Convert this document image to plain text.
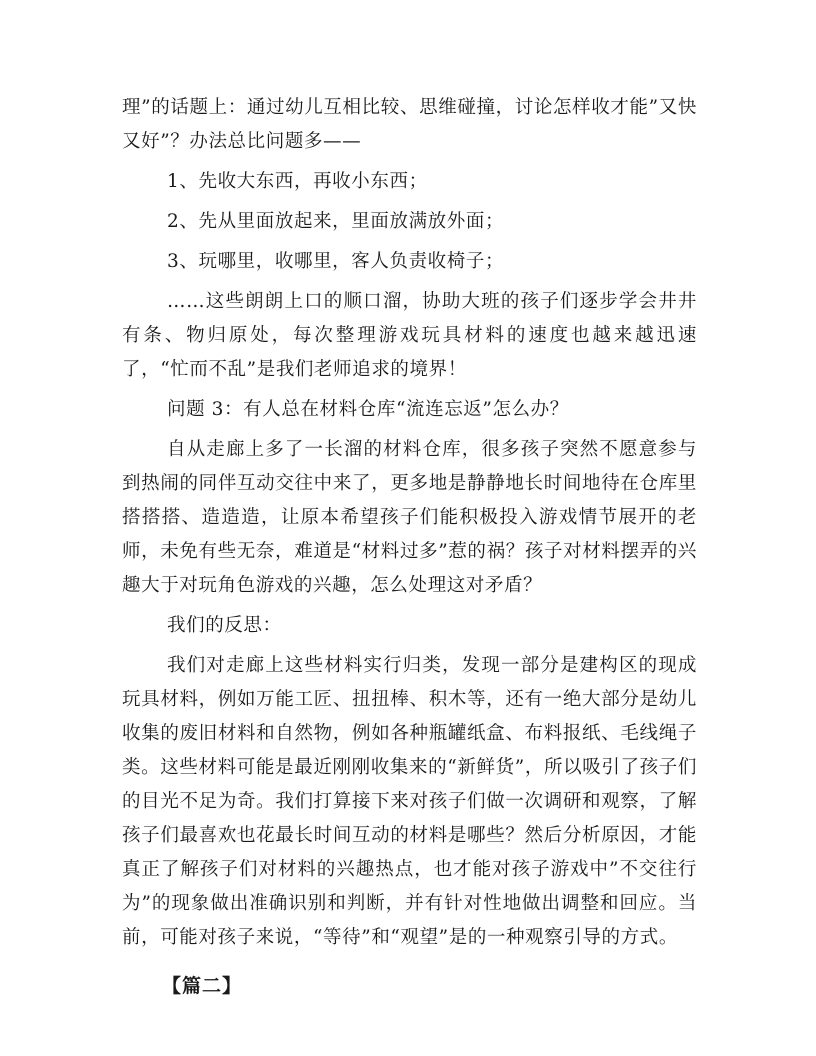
理”的话题上：通过幼儿互相比较、思维碰撞，讨论怎样收才能”又快又好”？办法总比问题多——

1、先收大东西，再收小东西；

2、先从里面放起来，里面放满放外面；

3、玩哪里，收哪里，客人负责收椅子；

……这些朗朗上口的顺口溜，协助大班的孩子们逐步学会井井有条、物归原处，每次整理游戏玩具材料的速度也越来越迅速了，“忙而不乱”是我们老师追求的境界！

问题 3：有人总在材料仓库“流连忘返”怎么办？

自从走廊上多了一长溜的材料仓库，很多孩子突然不愿意参与到热闹的同伴互动交往中来了，更多地是静静地长时间地待在仓库里搭搭搭、造造造，让原本希望孩子们能积极投入游戏情节展开的老师，未免有些无奈，难道是“材料过多”惹的祸？孩子对材料摆弄的兴趣大于对玩角色游戏的兴趣，怎么处理这对矛盾？

我们的反思：

我们对走廊上这些材料实行归类，发现一部分是建构区的现成玩具材料，例如万能工匠、扭扭棒、积木等，还有一绝大部分是幼儿收集的废旧材料和自然物，例如各种瓶罐纸盒、布料报纸、毛线绳子类。这些材料可能是最近刚刚收集来的“新鲜货”，所以吸引了孩子们的目光不足为奇。我们打算接下来对孩子们做一次调研和观察，了解孩子们最喜欢也花最长时间互动的材料是哪些？然后分析原因，才能真正了解孩子们对材料的兴趣热点，也才能对孩子游戏中”不交往行为”的现象做出准确识别和判断，并有针对性地做出调整和回应。当前，可能对孩子来说，“等待”和“观望”是的一种观察引导的方式。

【篇二】
